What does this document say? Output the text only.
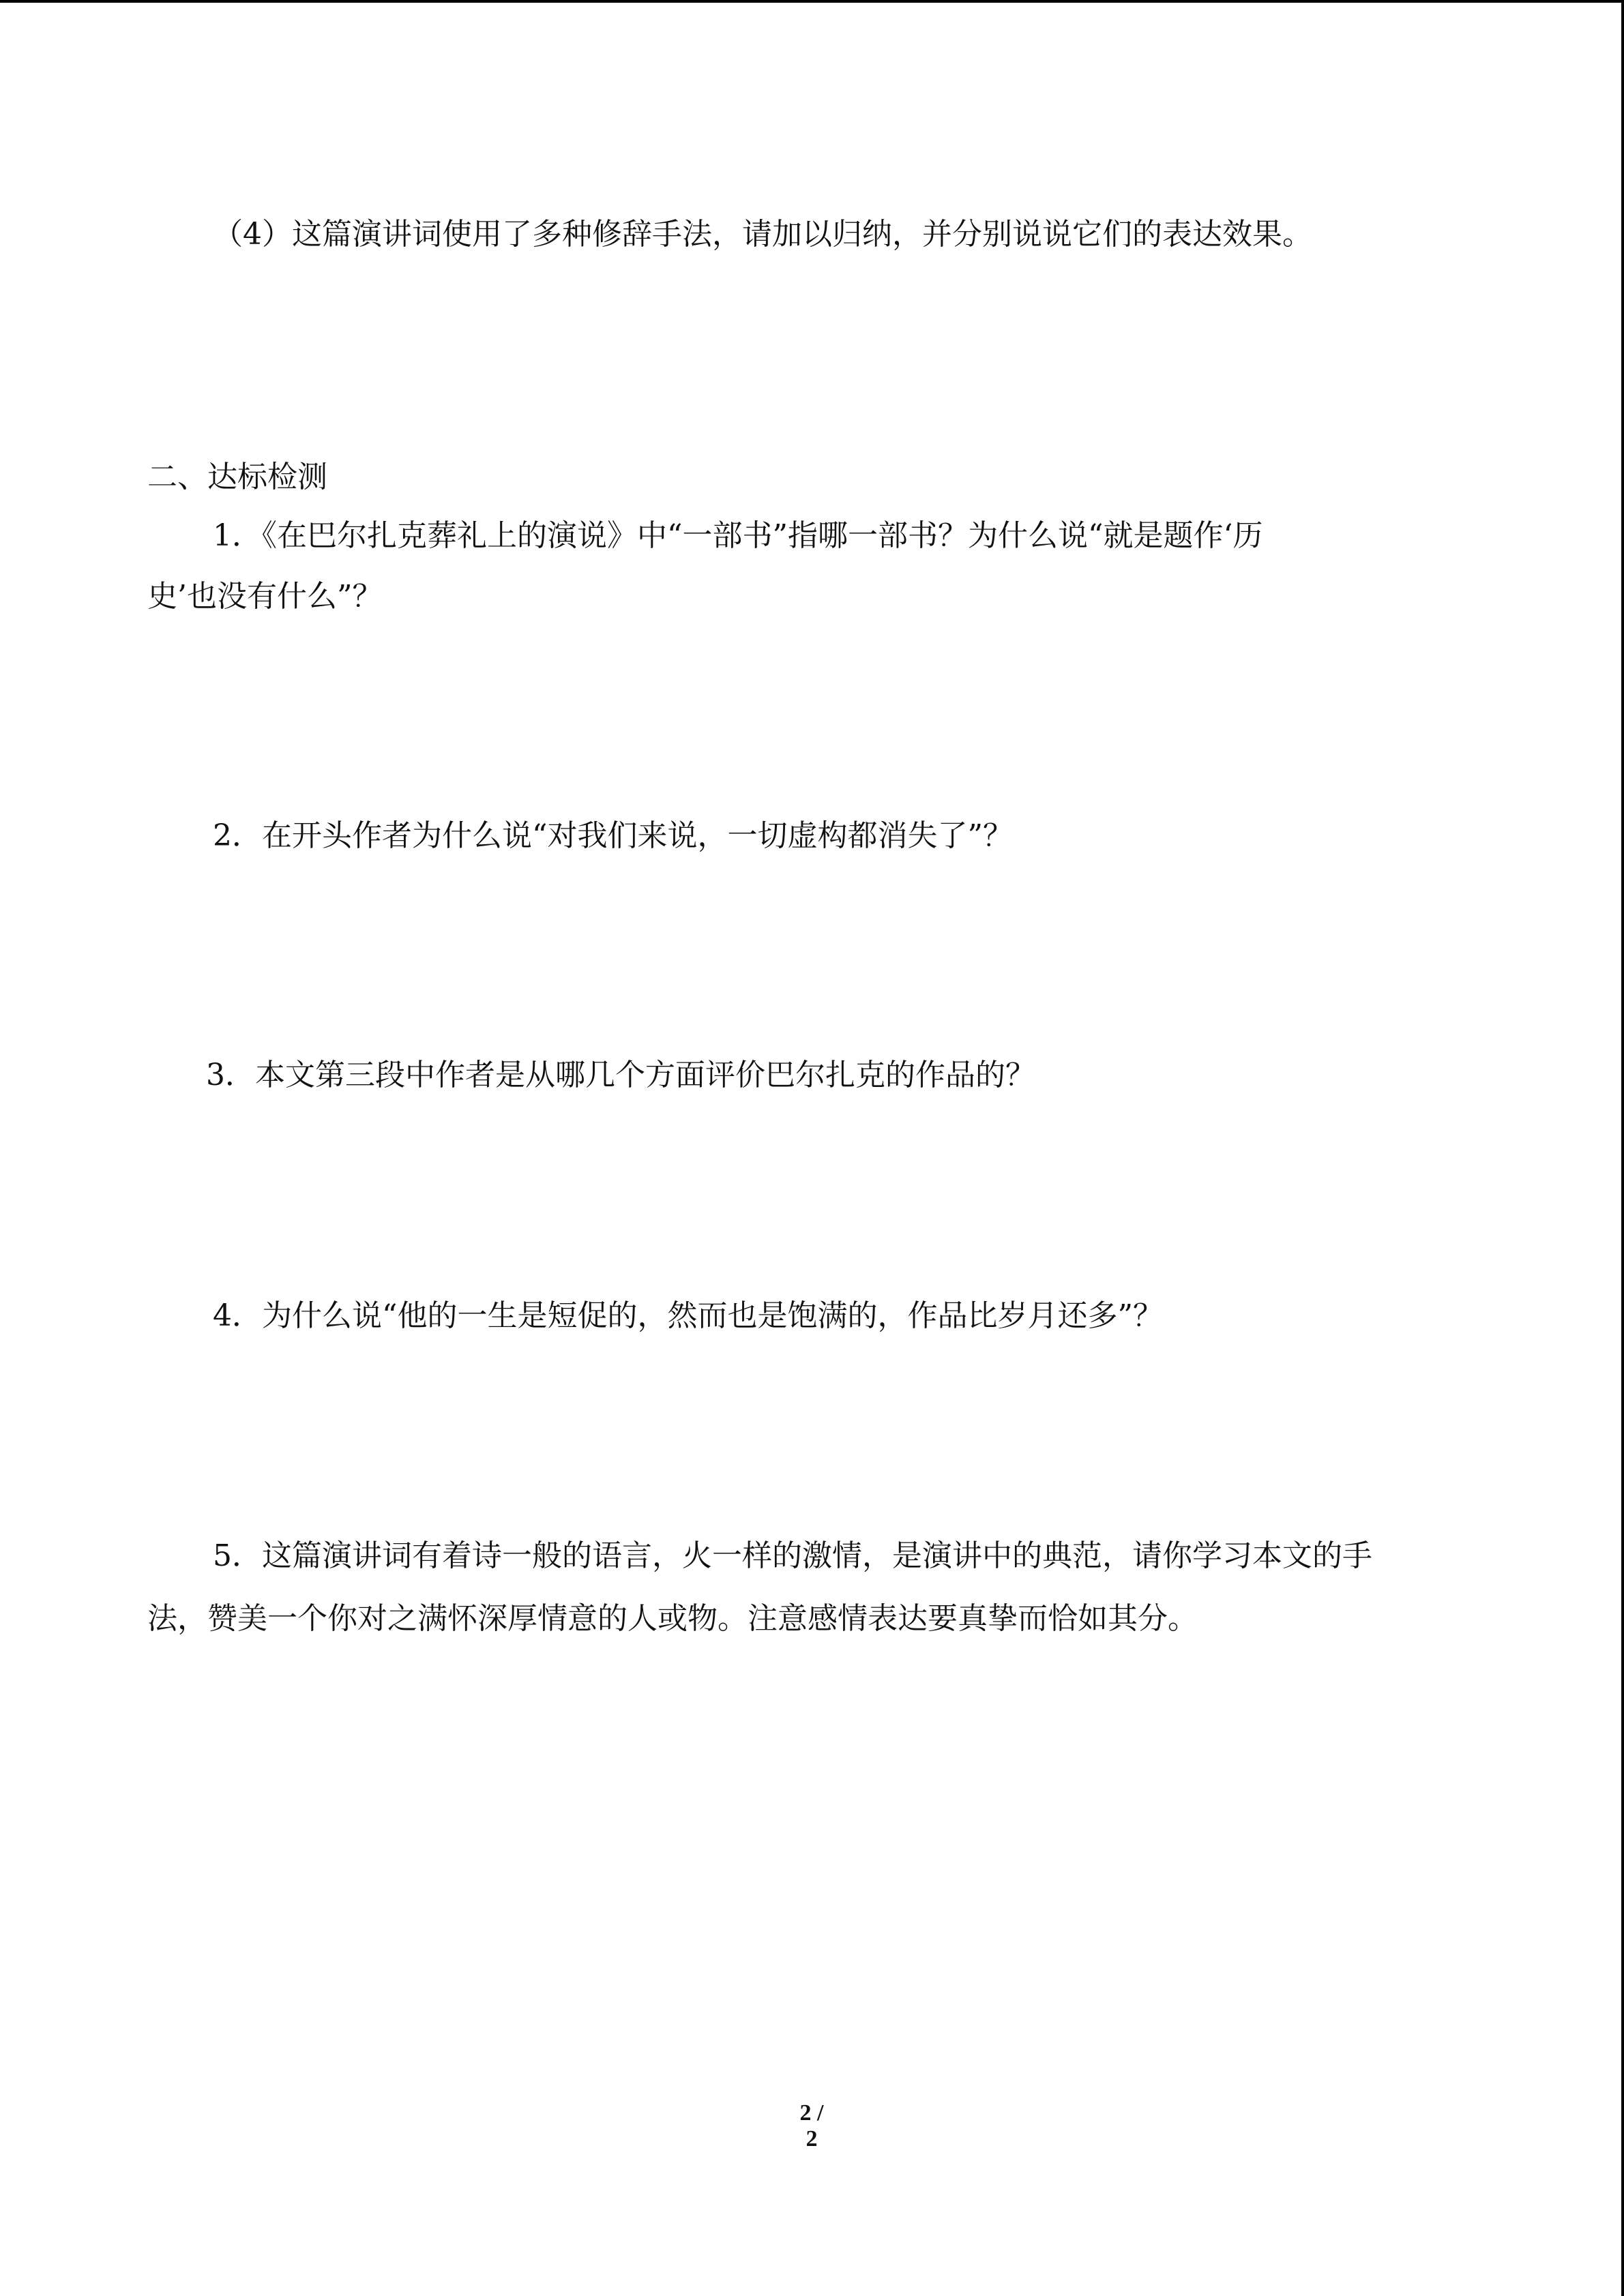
（4）这篇演讲词使用了多种修辞手法，请加以归纳，并分别说说它们的表达效果。
二、达标检测
1．《在巴尔扎克葬礼上的演说》中“一部书”指哪一部书？为什么说“就是题作‘历
史’也没有什么”？
2．在开头作者为什么说“对我们来说，一切虚构都消失了”？
3．本文第三段中作者是从哪几个方面评价巴尔扎克的作品的？
4．为什么说“他的一生是短促的，然而也是饱满的，作品比岁月还多”？
5．这篇演讲词有着诗一般的语言，火一样的激情，是演讲中的典范，请你学习本文的手
法，赞美一个你对之满怀深厚情意的人或物。注意感情表达要真挚而恰如其分。
2 / 2
